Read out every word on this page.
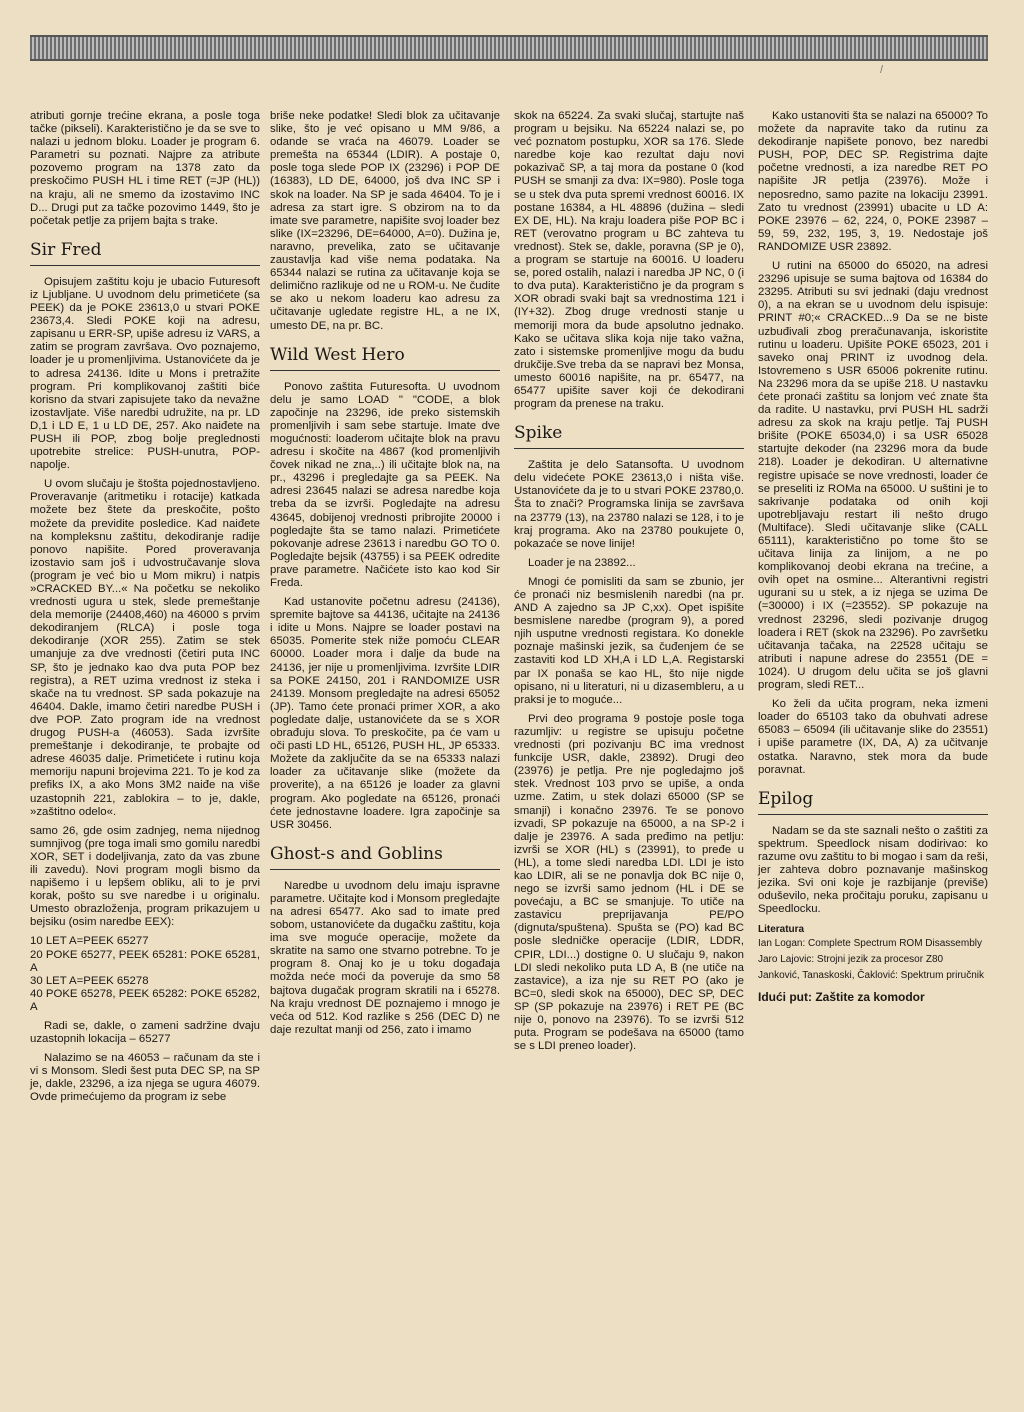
/

atributi gornje trećine ekrana, a posle toga tačke (pikseli). Karakteristično je da se sve to nalazi u jednom bloku. Loader je program 6. Parametri su poznati. Najpre za atribute pozovemo program na 1378 zato da preskočimo PUSH HL i time RET (=JP (HL)) na kraju, ali ne smemo da izostavimo INC D... Drugi put za tačke pozovimo 1449, što je početak petlje za prijem bajta s trake.

Sir Fred

Opisujem zaštitu koju je ubacio Futuresoft iz Ljubljane. U uvodnom delu primetićete (sa PEEK) da je POKE 23613,0 u stvari POKE 23673,4. Sledi POKE koji na adresu, zapisanu u ERR-SP, upiše adresu iz VARS, a zatim se program završava. Ovo poznajemo, loader je u promenljivima. Ustanovićete da je to adresa 24136. Idite u Mons i pretražite program. Pri komplikovanoj zaštiti biće korisno da stvari zapisujete tako da nevažne izostavljate. Više naredbi udružite, na pr. LD D,1 i LD E, 1 u LD DE, 257. Ako naiđete na PUSH ili POP, zbog bolje preglednosti upotrebite strelice: PUSH-unutra, POP-napolje.

U ovom slučaju je štošta pojednostavljeno. Proveravanje (aritmetiku i rotacije) katkada možete bez štete da preskočite, pošto možete da previdite posledice. Kad naiđete na kompleksnu zaštitu, dekodiranje radije ponovo napišite. Pored proveravanja izostavio sam još i udvostručavanje slova (program je već bio u Mom mikru) i natpis »CRACKED BY...« Na početku se nekoliko vrednosti ugura u stek, slede premeštanje dela memorije (24408,460) na 46000 s prvim dekodiranjem (RLCA) i posle toga dekodiranje (XOR 255). Zatim se stek umanjuje za dve vrednosti (četiri puta INC SP, što je jednako kao dva puta POP bez registra), a RET uzima vrednost iz steka i skače na tu vrednost. SP sada pokazuje na 46404. Dakle, imamo četiri naredbe PUSH i dve POP. Zato program ide na vrednost drugog PUSH-a (46053). Sada izvršite premeštanje i dekodiranje, te probajte od adrese 46035 dalje. Primetićete i rutinu koja memoriju napuni brojevima 221. To je kod za prefiks IX, a ako Mons 3M2 naiđe na više uzastopnih 221, zablokira – to je, dakle, »zaštitno odelo«.

samo 26, gde osim zadnjeg, nema nijednog sumnjivog (pre toga imali smo gomilu naredbi XOR, SET i dodeljivanja, zato da vas zbune ili zavedu). Novi program mogli bismo da napišemo i u lepšem obliku, ali to je prvi korak, pošto su sve naredbe i u originalu. Umesto obrazloženja, program prikazujem u bejsiku (osim naredbe EEX):

10 LET A=PEEK 65277
20 POKE 65277, PEEK 65281: POKE 65281, A
30 LET A=PEEK 65278
40 POKE 65278, PEEK 65282: POKE 65282, A

Radi se, dakle, o zameni sadržine dvaju uzastopnih lokacija – 65277

Nalazimo se na 46053 – računam da ste i vi s Monsom. Sledi šest puta DEC SP, na SP je, dakle, 23296, a iza njega se ugura 46079. Ovde primećujemo da program iz sebe

briše neke podatke! Sledi blok za učitavanje slike, što je već opisano u MM 9/86, a odande se vraća na 46079. Loader se premešta na 65344 (LDIR). A postaje 0, posle toga slede POP IX (23296) i POP DE (16383), LD DE, 64000, još dva INC SP i skok na loader. Na SP je sada 46404. To je i adresa za start igre. S obzirom na to da imate sve parametre, napišite svoj loader bez slike (IX=23296, DE=64000, A=0). Dužina je, naravno, prevelika, zato se učitavanje zaustavlja kad više nema podataka. Na 65344 nalazi se rutina za učitavanje koja se delimično razlikuje od ne u ROM-u. Ne čudite se ako u nekom loaderu kao adresu za učitavanje ugledate registre HL, a ne IX, umesto DE, na pr. BC.

Wild West Hero

Ponovo zaštita Futuresofta. U uvodnom delu je samo LOAD " "CODE, a blok započinje na 23296, ide preko sistemskih promenljivih i sam sebe startuje. Imate dve mogućnosti: loaderom učitajte blok na pravu adresu i skočite na 4867 (kod promenljivih čovek nikad ne zna,..) ili učitajte blok na, na pr., 43296 i pregledajte ga sa PEEK. Na adresi 23645 nalazi se adresa naredbe koja treba da se izvrši. Pogledajte na adresu 43645, dobijenoj vrednosti pribrojite 20000 i pogledajte šta se tamo nalazi. Primetićete pokovanje adrese 23613 i naredbu GO TO 0. Pogledajte bejsik (43755) i sa PEEK odredite prave parametre. Načićete isto kao kod Sir Freda.

Kad ustanovite početnu adresu (24136), spremite bajtove sa 44136, učitajte na 24136 i idite u Mons. Najpre se loader postavi na 65035. Pomerite stek niže pomoću CLEAR 60000. Loader mora i dalje da bude na 24136, jer nije u promenljivima. Izvršite LDIR sa POKE 24150, 201 i RANDOMIZE USR 24139. Monsom pregledajte na adresi 65052 (JP). Tamo ćete pronaći primer XOR, a ako pogledate dalje, ustanovićete da se s XOR obrađuju slova. To preskočite, pa će vam u oči pasti LD HL, 65126, PUSH HL, JP 65333. Možete da zaključite da se na 65333 nalazi loader za učitavanje slike (možete da proverite), a na 65126 je loader za glavni program. Ako pogledate na 65126, pronaći ćete jednostavne loadere. Igra započinje sa USR 30456.

Ghost-s and Goblins

Naredbe u uvodnom delu imaju ispravne parametre. Učitajte kod i Monsom pregledajte na adresi 65477. Ako sad to imate pred sobom, ustanovićete da dugačku zaštitu, koja ima sve moguće operacije, možete da skratite na samo one stvarno potrebne. To je program 8. Onaj ko je u toku događaja možda neće moći da poveruje da smo 58 bajtova dugačak program skratili na i 65278. Na kraju vrednost DE poznajemo i mnogo je veća od 512. Kod razlike s 256 (DEC D) ne daje rezultat manji od 256, zato i imamo

skok na 65224. Za svaki slučaj, startujte naš program u bejsiku. Na 65224 nalazi se, po već poznatom postupku, XOR sa 176. Slede naredbe koje kao rezultat daju novi pokazivač SP, a taj mora da postane 0 (kod PUSH se smanji za dva: IX=980). Posle toga se u stek dva puta spremi vrednost 60016. IX postane 16384, a HL 48896 (dužina – sledi EX DE, HL). Na kraju loadera piše POP BC i RET (verovatno program u BC zahteva tu vrednost). Stek se, dakle, poravna (SP je 0), a program se startuje na 60016. U loaderu se, pored ostalih, nalazi i naredba JP NC, 0 (i to dva puta). Karakteristično je da program s XOR obradi svaki bajt sa vrednostima 121 i (IY+32). Zbog druge vrednosti stanje u memoriji mora da bude apsolutno jednako. Kako se učitava slika koja nije tako važna, zato i sistemske promenljive mogu da budu drukčije.Sve treba da se napravi bez Monsa, umesto 60016 napišite, na pr. 65477, na 65477 upišite saver koji će dekodirani program da prenese na traku.

Spike

Zaštita je delo Satansofta. U uvodnom delu videćete POKE 23613,0 i ništa više. Ustanovićete da je to u stvari POKE 23780,0. Šta to znači? Programska linija se završava na 23779 (13), na 23780 nalazi se 128, i to je kraj programa. Ako na 23780 poukujete 0, pokazaće se nove linije!

Loader je na 23892...

Mnogi će pomisliti da sam se zbunio, jer će pronaći niz besmislenih naredbi (na pr. AND A zajedno sa JP C,xx). Opet ispišite besmislene naredbe (program 9), a pored njih usputne vrednosti registara. Ko donekle poznaje mašinski jezik, sa čuđenjem će se zastaviti kod LD XH,A i LD L,A. Registarski par IX ponaša se kao HL, što nije nigde opisano, ni u literaturi, ni u dizasembleru, a u praksi je to moguće...

Prvi deo programa 9 postoje posle toga razumljiv: u registre se upisuju početne vrednosti (pri pozivanju BC ima vrednost funkcije USR, dakle, 23892). Drugi deo (23976) je petlja. Pre nje pogledajmo još stek. Vrednost 103 prvo se upiše, a onda uzme. Zatim, u stek dolazi 65000 (SP se smanji) i konačno 23976. Te se ponovo izvadi, SP pokazuje na 65000, a na SP-2 i dalje je 23976. A sada pređimo na petlju: izvrši se XOR (HL) s (23991), to pređe u (HL), a tome sledi naredba LDI. LDI je isto kao LDIR, ali se ne ponavlja dok BC nije 0, nego se izvrši samo jednom (HL i DE se povećaju, a BC se smanjuje. To utiče na zastavicu preprijavanja PE/PO (dignuta/spuštena). Spušta se (PO) kad BC posle sledničke operacije (LDIR, LDDR, CPIR, LDI...) dostigne 0. U slučaju 9, nakon LDI sledi nekoliko puta LD A, B (ne utiče na zastavice), a iza nje su RET PO (ako je BC=0, sledi skok na 65000), DEC SP, DEC SP (SP pokazuje na 23976) i RET PE (BC nije 0, ponovo na 23976). To se izvrši 512 puta. Program se podešava na 65000 (tamo se s LDI preneo loader).

Kako ustanoviti šta se nalazi na 65000? To možete da napravite tako da rutinu za dekodiranje napišete ponovo, bez naredbi PUSH, POP, DEC SP. Registrima dajte početne vrednosti, a iza naredbe RET PO napišite JR petlja (23976). Može i neposredno, samo pazite na lokaciju 23991. Zato tu vrednost (23991) ubacite u LD A: POKE 23976 – 62, 224, 0, POKE 23987 – 59, 59, 232, 195, 3, 19. Nedostaje još RANDOMIZE USR 23892.

U rutini na 65000 do 65020, na adresi 23296 upisuje se suma bajtova od 16384 do 23295. Atributi su svi jednaki (daju vrednost 0), a na ekran se u uvodnom delu ispisuje: PRINT #0;« CRACKED...9 Da se ne biste uzbuđivali zbog preračunavanja, iskoristite rutinu u loaderu. Upišite POKE 65023, 201 i saveko onaj PRINT iz uvodnog dela. Istovremeno s USR 65006 pokrenite rutinu. Na 23296 mora da se upiše 218. U nastavku ćete pronaći zaštitu sa lonjom već znate šta da radite. U nastavku, prvi PUSH HL sadrži adresu za skok na kraju petlje. Taj PUSH brišite (POKE 65034,0) i sa USR 65028 startujte dekoder (na 23296 mora da bude 218). Loader je dekodiran. U alternativne registre upisaće se nove vrednosti, loader će se preseliti iz ROMa na 65000. U suštini je to sakrivanje podataka od onih koji upotrebljavaju restart ili nešto drugo (Multiface). Sledi učitavanje slike (CALL 65111), karakteristično po tome što se učitava linija za linijom, a ne po komplikovanoj deobi ekrana na trećine, a ovih opet na osmine... Alterantivni registri ugurani su u stek, a iz njega se uzima De (=30000) i IX (=23552). SP pokazuje na vrednost 23296, sledi pozivanje drugog loadera i RET (skok na 23296). Po završetku učitavanja tačaka, na 22528 učitaju se atributi i napune adrese do 23551 (DE = 1024). U drugom delu učita se još glavni program, sledi RET...

Ko želi da učita program, neka izmeni loader do 65103 tako da obuhvati adrese 65083 – 65094 (ili učitavanje slike do 23551) i upiše parametre (IX, DA, A) za učitvanje ostatka. Naravno, stek mora da bude poravnat.

Epilog

Nadam se da ste saznali nešto o zaštiti za spektrum. Speedlock nisam dodirivao: ko razume ovu zaštitu to bi mogao i sam da reši, jer zahteva dobro poznavanje mašinskog jezika. Svi oni koje je razbijanje (previše) oduševilo, neka pročitaju poruku, zapisanu u Speedlocku.

Literatura
Ian Logan: Complete Spectrum ROM Disassembly
Jaro Lajovic: Strojni jezik za procesor Z80
Janković, Tanaskoski, Čaklović: Spektrum priručnik
Idući put: Zaštite za komodor
